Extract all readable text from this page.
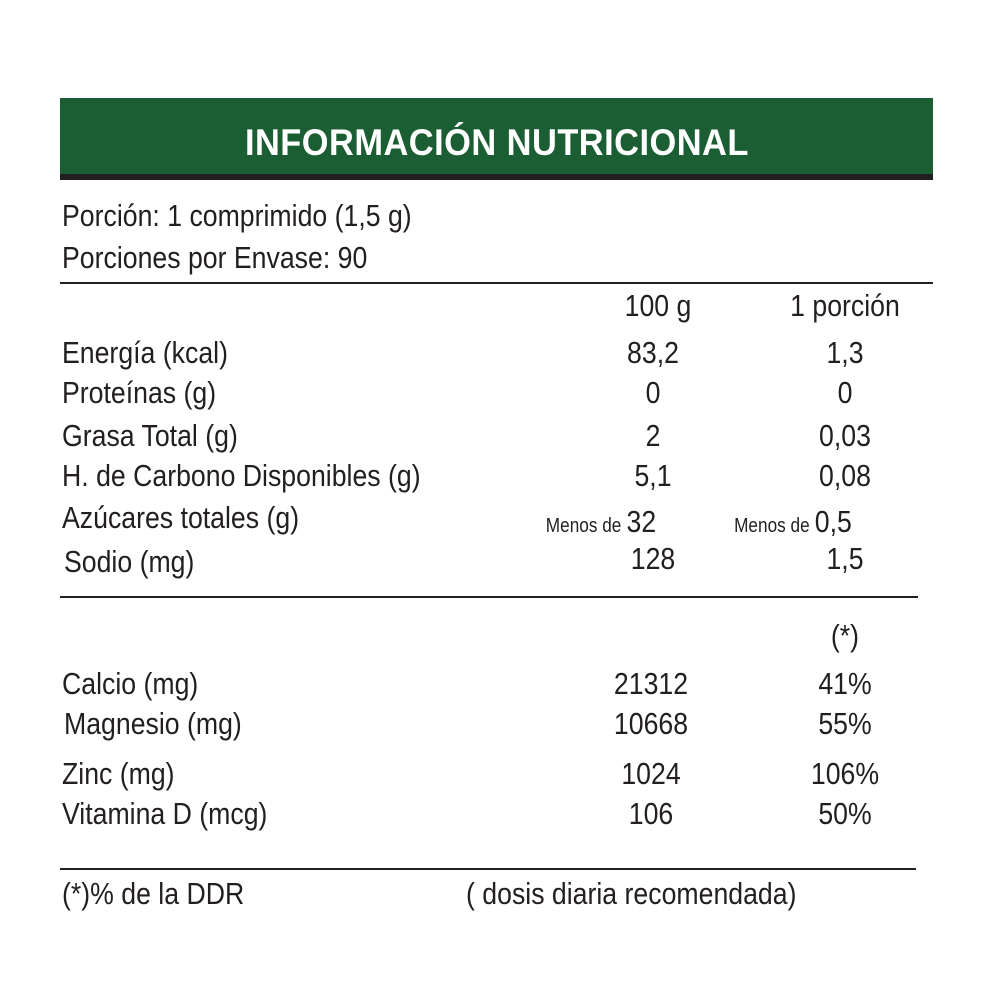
INFORMACIÓN NUTRICIONAL
Porción: 1 comprimido (1,5 g)
Porciones por Envase: 90
100 g	1 porción
Energía (kcal)	83,2	1,3
Proteínas (g)	0	0
Grasa Total (g)	2	0,03
H. de Carbono Disponibles (g)	5,1	0,08
Azúcares totales (g)	Menos de 32	Menos de 0,5
Sodio (mg)	128	1,5
(*)
Calcio (mg)	21312	41%
Magnesio (mg)	10668	55%
Zinc (mg)	1024	106%
Vitamina D (mcg)	106	50%
(*)% de la DDR	( dosis diaria recomendada)
